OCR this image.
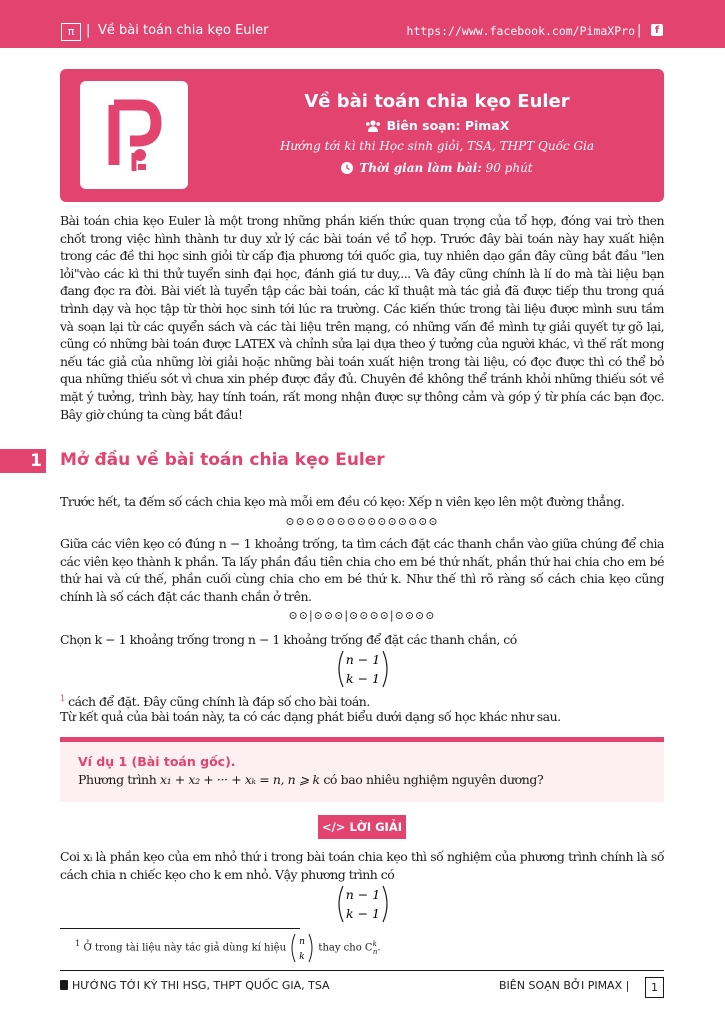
π | Về bài toán chia kẹo Euler	https://www.facebook.com/PimaXPro |	f
Về bài toán chia kẹo Euler
Biên soạn: PimaX
Hướng tới kì thi Học sinh giỏi, TSA, THPT Quốc Gia
Thời gian làm bài: 90 phút
Bài toán chia kẹo Euler là một trong những phần kiến thức quan trọng của tổ hợp, đóng vai trò then chốt trong việc hình thành tư duy xử lý các bài toán về tổ hợp. Trước đây bài toán này hay xuất hiện trong các đề thi học sinh giỏi từ cấp địa phương tới quốc gia, tuy nhiên dạo gần đây cũng bắt đầu "len lỏi"vào các kì thi thử tuyển sinh đại học, đánh giá tư duy,... Và đây cũng chính là lí do mà tài liệu bạn đang đọc ra đời. Bài viết là tuyển tập các bài toán, các kĩ thuật mà tác giả đã được tiếp thu trong quá trình dạy và học tập từ thời học sinh tới lúc ra trường. Các kiến thức trong tài liệu được mình sưu tầm và soạn lại từ các quyển sách và các tài liệu trên mạng, có những vấn đề mình tự giải quyết tự gõ lại, cũng có những bài toán được LATEX và chỉnh sửa lại dựa theo ý tưởng của người khác, vì thế rất mong nếu tác giả của những lời giải hoặc những bài toán xuất hiện trong tài liệu, có đọc được thì có thể bỏ qua những thiếu sót vì chưa xin phép được đầy đủ. Chuyên đề không thể tránh khỏi những thiếu sót về mặt ý tưởng, trình bày, hay tính toán, rất mong nhận được sự thông cảm và góp ý từ phía các bạn đọc. Bây giờ chúng ta cùng bắt đầu!
1 Mở đầu về bài toán chia kẹo Euler
Trước hết, ta đếm số cách chia kẹo mà mỗi em đều có kẹo: Xếp n viên kẹo lên một đường thẳng.
⊙⊙⊙⊙⊙⊙⊙⊙⊙⊙⊙⊙⊙⊙⊙
Giữa các viên kẹo có đúng n − 1 khoảng trống, ta tìm cách đặt các thanh chắn vào giữa chúng để chia các viên kẹo thành k phần. Ta lấy phần đầu tiên chia cho em bé thứ nhất, phần thứ hai chia cho em bé thứ hai và cứ thế, phần cuối cùng chia cho em bé thứ k. Như thế thì rõ ràng số cách chia kẹo cũng chính là số cách đặt các thanh chắn ở trên.
⊙⊙|⊙⊙⊙|⊙⊙⊙⊙|⊙⊙⊙⊙
Chọn k − 1 khoảng trống trong n − 1 khoảng trống để đặt các thanh chắn, có
n − 1
k − 1
$^1$ cách để đặt. Đây cũng chính là đáp số cho bài toán.
Từ kết quả của bài toán này, ta có các dạng phát biểu dưới dạng số học khác như sau.
Ví dụ 1 (Bài toán gốc).
Phương trình x₁ + x₂ + ··· + xₖ = n, n ⩾ k có bao nhiêu nghiệm nguyên dương?
</> LỜI GIẢI
Coi xᵢ là phần kẹo của em nhỏ thứ i trong bài toán chia kẹo thì số nghiệm của phương trình chính là số cách chia n chiếc kẹo cho k em nhỏ. Vậy phương trình có
n − 1
k − 1
$^1$ Ở trong tài liệu này tác giả dùng kí hiệu
n
k
thay cho $C^k_n$.
HƯỚNG TỚI KỲ THI HSG, THPT QUỐC GIA, TSA	BIÊN SOẠN BỞI PIMAX |	1
